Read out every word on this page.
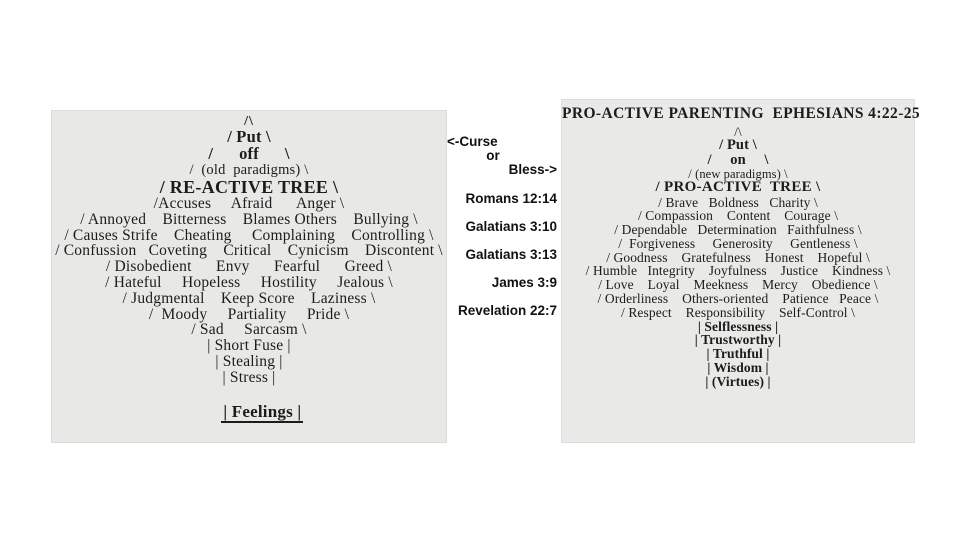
/\
/ Put \
/      off      \
/  (old  paradigms) \
/ RE-ACTIVE TREE \
/Accuses     Afraid      Anger \
/ Annoyed    Bitterness    Blames Others    Bullying \
/ Causes Strife    Cheating     Complaining    Controlling \
/ Confussion   Coveting    Critical    Cynicism    Discontent \
/ Disobedient      Envy      Fearful      Greed \
/ Hateful     Hopeless     Hostility     Jealous \
/ Judgmental    Keep Score    Laziness \
/  Moody     Partiality     Pride \
/ Sad     Sarcasm \
| Short Fuse |
| Stealing |
| Stress |

| Feelings |

<-Curse
or
Bless->
Romans 12:14
Galatians 3:10
Galatians 3:13
James 3:9
Revelation 22:7
PRO-ACTIVE PARENTING  EPHESIANS 4:22-25
/\
/ Put \
/     on     \
/ (new paradigms) \
/ PRO-ACTIVE  TREE \
/ Brave   Boldness   Charity \
/ Compassion    Content    Courage \
/ Dependable   Determination   Faithfulness \
/  Forgiveness     Generosity     Gentleness \
/ Goodness    Gratefulness    Honest    Hopeful \
/ Humble   Integrity    Joyfulness    Justice    Kindness \
/ Love    Loyal    Meekness    Mercy    Obedience \
/ Orderliness    Others-oriented    Patience   Peace \
/ Respect    Responsibility    Self-Control \
| Selflessness |
| Trustworthy |
| Truthful |
| Wisdom |
| (Virtues) |
